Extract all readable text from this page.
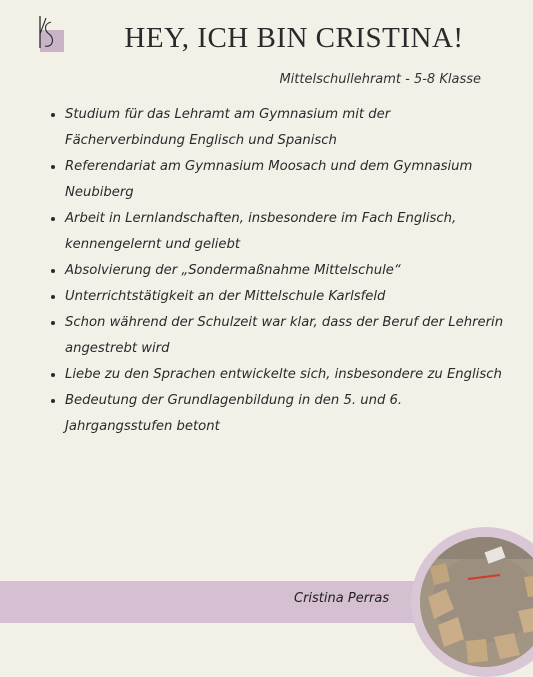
HEY, ICH BIN CRISTINA!
Mittelschullehramt - 5-8 Klasse
• Studium für das Lehramt am Gymnasium mit der Fächerverbindung Englisch und Spanisch
• Referendariat am Gymnasium Moosach und dem Gymnasium Neubiberg
• Arbeit in Lernlandschaften, insbesondere im Fach Englisch, kennengelernt und geliebt
• Absolvierung der „Sondermaßnahme Mittelschule“
• Unterrichtstätigkeit an der Mittelschule Karlsfeld
• Schon während der Schulzeit war klar, dass der Beruf der Lehrerin angestrebt wird
• Liebe zu den Sprachen entwickelte sich, insbesondere zu Englisch
• Bedeutung der Grundlagenbildung in den 5. und 6. Jahrgangsstufen betont
Cristina Perras
